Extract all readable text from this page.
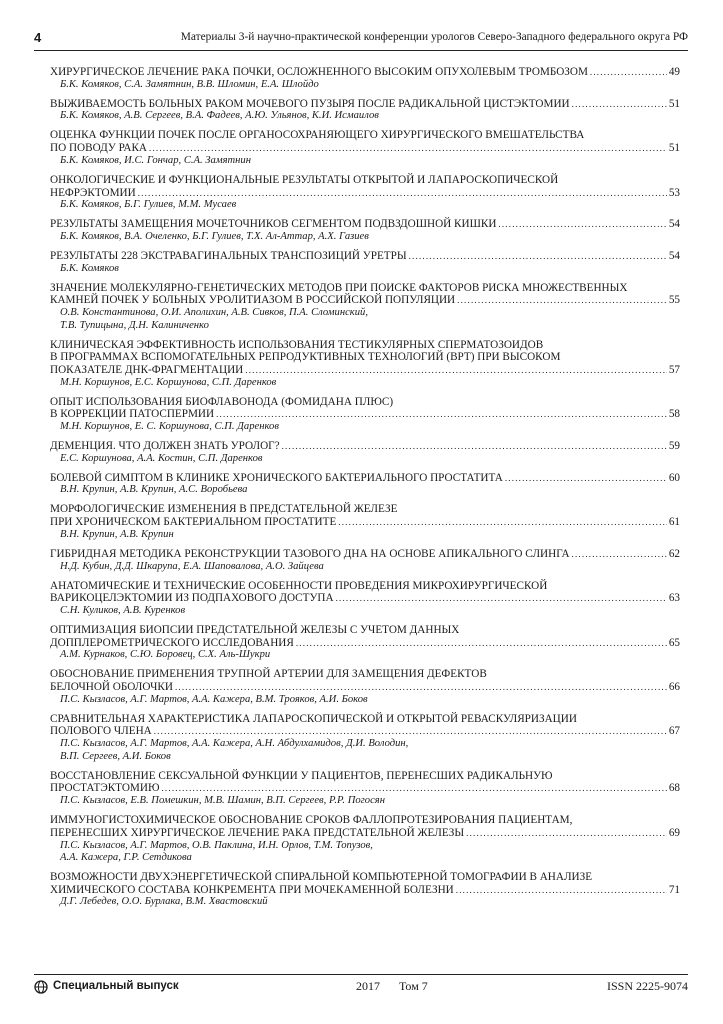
4	Материалы 3-й научно-практической конференции урологов Северо-Западного федерального округа РФ
ХИРУРГИЧЕСКОЕ ЛЕЧЕНИЕ РАКА ПОЧКИ, ОСЛОЖНЕННОГО ВЫСОКИМ ОПУХОЛЕВЫМ ТРОМБОЗОМ .....	49
Б.К. Комяков, С.А. Замятнин, В.В. Шломин, Е.А. Шлойдо
ВЫЖИВАЕМОСТЬ БОЛЬНЫХ РАКОМ МОЧЕВОГО ПУЗЫРЯ ПОСЛЕ РАДИКАЛЬНОЙ ЦИСТЭКТОМИИ .....	51
Б.К. Комяков, А.В. Сергеев, В.А. Фадеев, А.Ю. Ульянов, К.И. Исмаилов
ОЦЕНКА ФУНКЦИИ ПОЧЕК ПОСЛЕ ОРГАНОСОХРАНЯЮЩЕГО ХИРУРГИЧЕСКОГО ВМЕШАТЕЛЬСТВА
ПО ПОВОДУ РАКА .....	51
Б.К. Комяков, И.С. Гончар, С.А. Замятнин
ОНКОЛОГИЧЕСКИЕ И ФУНКЦИОНАЛЬНЫЕ РЕЗУЛЬТАТЫ ОТКРЫТОЙ И ЛАПАРОСКОПИЧЕСКОЙ
НЕФРЭКТОМИИ .....	53
Б.К. Комяков, Б.Г. Гулиев, М.М. Мусаев
РЕЗУЛЬТАТЫ ЗАМЕЩЕНИЯ МОЧЕТОЧНИКОВ СЕГМЕНТОМ ПОДВЗДОШНОЙ КИШКИ .....	54
Б.К. Комяков, В.А. Очеленко, Б.Г. Гулиев, Т.Х. Ал-Аттар, А.Х. Газиев
РЕЗУЛЬТАТЫ 228 ЭКСТРАВАГИНАЛЬНЫХ ТРАНСПОЗИЦИЙ УРЕТРЫ .....	54
Б.К. Комяков
ЗНАЧЕНИЕ МОЛЕКУЛЯРНО-ГЕНЕТИЧЕСКИХ МЕТОДОВ ПРИ ПОИСКЕ ФАКТОРОВ РИСКА МНОЖЕСТВЕННЫХ
КАМНЕЙ ПОЧЕК У БОЛЬНЫХ УРОЛИТИАЗОМ В РОССИЙСКОЙ ПОПУЛЯЦИИ .....	55
О.В. Константинова, О.И. Аполихин, А.В. Сивков, П.А. Сломинский,
Т.В. Тупицына, Д.Н. Калиниченко
КЛИНИЧЕСКАЯ ЭФФЕКТИВНОСТЬ ИСПОЛЬЗОВАНИЯ ТЕСТИКУЛЯРНЫХ СПЕРМАТОЗОИДОВ
В ПРОГРАММАХ ВСПОМОГАТЕЛЬНЫХ РЕПРОДУКТИВНЫХ ТЕХНОЛОГИЙ (ВРТ) ПРИ ВЫСОКОМ
ПОКАЗАТЕЛЕ ДНК-ФРАГМЕНТАЦИИ .....	57
М.Н. Коршунов, Е.С. Коршунова, С.П. Даренков
ОПЫТ ИСПОЛЬЗОВАНИЯ БИОФЛАВОНОДА (ФОМИДАНА ПЛЮС)
В КОРРЕКЦИИ ПАТОСПЕРМИИ .....	58
М.Н. Коршунов, Е. С. Коршунова, С.П. Даренков
ДЕМЕНЦИЯ. ЧТО ДОЛЖЕН ЗНАТЬ УРОЛОГ? .....	59
Е.С. Коршунова, А.А. Костин, С.П. Даренков
БОЛЕВОЙ СИМПТОМ В КЛИНИКЕ ХРОНИЧЕСКОГО БАКТЕРИАЛЬНОГО ПРОСТАТИТА .....	60
В.Н. Крупин, А.В. Крупин, А.С. Воробьева
МОРФОЛОГИЧЕСКИЕ ИЗМЕНЕНИЯ В ПРЕДСТАТЕЛЬНОЙ ЖЕЛЕЗЕ
ПРИ ХРОНИЧЕСКОМ БАКТЕРИАЛЬНОМ ПРОСТАТИТЕ .....	61
В.Н. Крупин, А.В. Крупин
ГИБРИДНАЯ МЕТОДИКА РЕКОНСТРУКЦИИ ТАЗОВОГО ДНА НА ОСНОВЕ АПИКАЛЬНОГО СЛИНГА .....	62
Н.Д. Кубин, Д.Д. Шкарупа, Е.А. Шаповалова, А.О. Зайцева
АНАТОМИЧЕСКИЕ И ТЕХНИЧЕСКИЕ ОСОБЕННОСТИ ПРОВЕДЕНИЯ МИКРОХИРУРГИЧЕСКОЙ
ВАРИКОЦЕЛЭКТОМИИ ИЗ ПОДПАХОВОГО ДОСТУПА .....	63
С.Н. Куликов, А.В. Куренков
ОПТИМИЗАЦИЯ БИОПСИИ ПРЕДСТАТЕЛЬНОЙ ЖЕЛЕЗЫ С УЧЕТОМ ДАННЫХ
ДОППЛЕРОМЕТРИЧЕСКОГО ИССЛЕДОВАНИЯ .....	65
А.М. Курнаков, С.Ю. Боровец, С.Х. Аль-Шукри
ОБОСНОВАНИЕ ПРИМЕНЕНИЯ ТРУПНОЙ АРТЕРИИ ДЛЯ ЗАМЕЩЕНИЯ ДЕФЕКТОВ
БЕЛОЧНОЙ ОБОЛОЧКИ .....	66
П.С. Кызласов, А.Г. Мартов, А.А. Кажера, В.М. Трояков, А.И. Боков
СРАВНИТЕЛЬНАЯ ХАРАКТЕРИСТИКА ЛАПАРОСКОПИЧЕСКОЙ И ОТКРЫТОЙ РЕВАСКУЛЯРИЗАЦИИ
ПОЛОВОГО ЧЛЕНА .....	67
П.С. Кызласов, А.Г. Мартов, А.А. Кажера, А.Н. Абдулхамидов, Д.И. Володин,
В.П. Сергеев, А.И. Боков
ВОССТАНОВЛЕНИЕ СЕКСУАЛЬНОЙ ФУНКЦИИ У ПАЦИЕНТОВ, ПЕРЕНЕСШИХ РАДИКАЛЬНУЮ
ПРОСТАТЭКТОМИЮ .....	68
П.С. Кызласов, Е.В. Помешкин, М.В. Шамин, В.П. Сергеев, Р.Р. Погосян
ИММУНОГИСТОХИМИЧЕСКОЕ ОБОСНОВАНИЕ СРОКОВ ФАЛЛОПРОТЕЗИРОВАНИЯ ПАЦИЕНТАМ,
ПЕРЕНЕСШИХ ХИРУРГИЧЕСКОЕ ЛЕЧЕНИЕ РАКА ПРЕДСТАТЕЛЬНОЙ ЖЕЛЕЗЫ .....	69
П.С. Кызласов, А.Г. Мартов, О.В. Паклина, И.Н. Орлов, Т.М. Топузов,
А.А. Кажера, Г.Р. Сетдикова
ВОЗМОЖНОСТИ ДВУХЭНЕРГЕТИЧЕСКОЙ СПИРАЛЬНОЙ КОМПЬЮТЕРНОЙ ТОМОГРАФИИ В АНАЛИЗЕ
ХИМИЧЕСКОГО СОСТАВА КОНКРЕМЕНТА ПРИ МОЧЕКАМЕННОЙ БОЛЕЗНИ .....	71
Д.Г. Лебедев, О.О. Бурлака, В.М. Хвастовский
Специальный выпуск	2017 Том 7	ISSN 2225-9074
